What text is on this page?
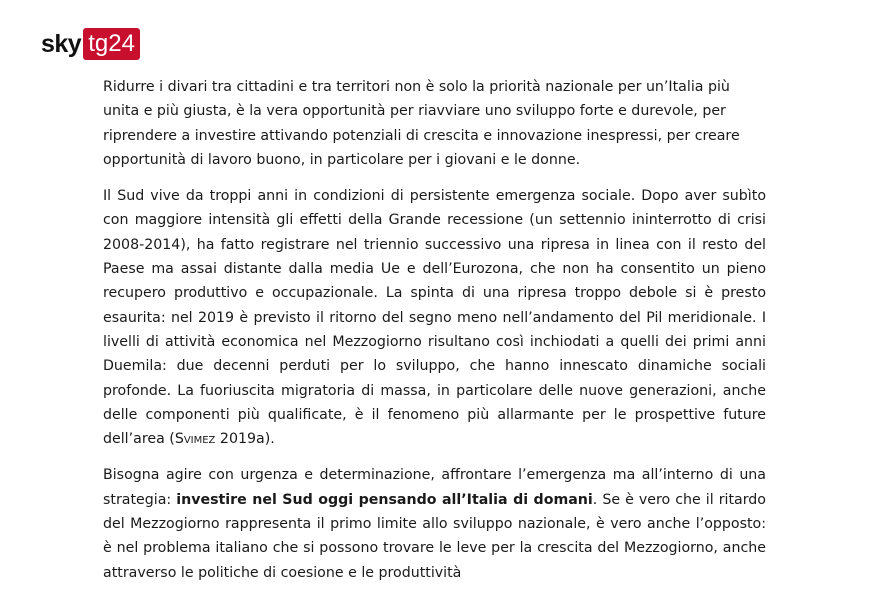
sky tg24

Ridurre i divari tra cittadini e tra territori non è solo la priorità nazionale per un’Italia più unita e più giusta, è la vera opportunità per riavviare uno sviluppo forte e durevole, per riprendere a investire attivando potenziali di crescita e innovazione inespressi, per creare opportunità di lavoro buono, in particolare per i giovani e le donne.

Il Sud vive da troppi anni in condizioni di persistente emergenza sociale. Dopo aver subìto con maggiore intensità gli effetti della Grande recessione (un settennio ininterrotto di crisi 2008-2014), ha fatto registrare nel triennio successivo una ripresa in linea con il resto del Paese ma assai distante dalla media Ue e dell’Eurozona, che non ha consentito un pieno recupero produttivo e occupazionale. La spinta di una ripresa troppo debole si è presto esaurita: nel 2019 è previsto il ritorno del segno meno nell’andamento del Pil meridionale. I livelli di attività economica nel Mezzogiorno risultano così inchiodati a quelli dei primi anni Duemila: due decenni perduti per lo sviluppo, che hanno innescato dinamiche sociali profonde. La fuoriuscita migratoria di massa, in particolare delle nuove generazioni, anche delle componenti più qualificate, è il fenomeno più allarmante per le prospettive future dell’area (Svimez 2019a).

Bisogna agire con urgenza e determinazione, affrontare l’emergenza ma all’interno di una strategia: investire nel Sud oggi pensando all’Italia di domani. Se è vero che il ritardo del Mezzogiorno rappresenta il primo limite allo sviluppo nazionale, è vero anche l’opposto: è nel problema italiano che si possono trovare le leve per la crescita del Mezzogiorno, anche attraverso le politiche di coesione e le produttività
